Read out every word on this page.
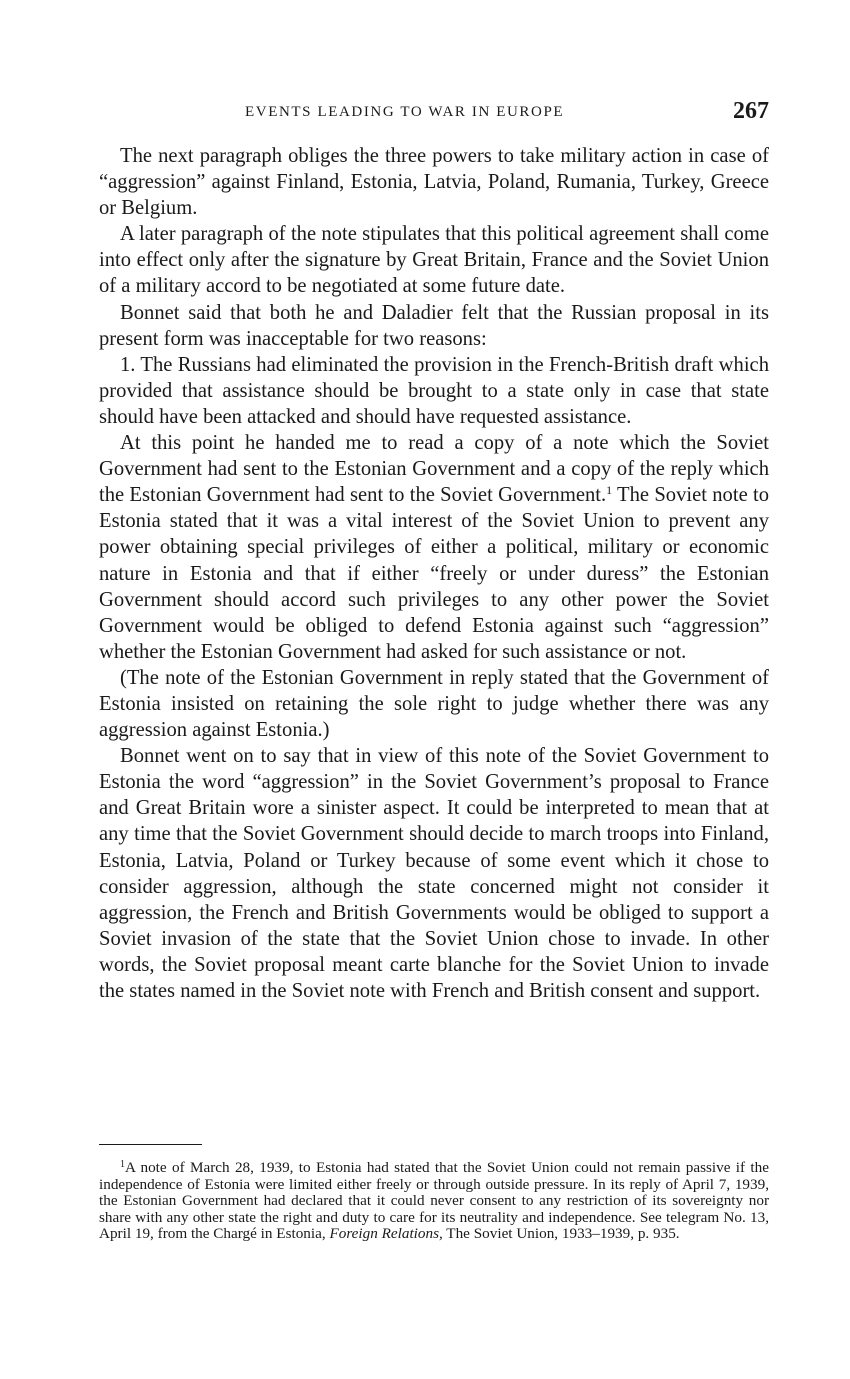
EVENTS LEADING TO WAR IN EUROPE	267

The next paragraph obliges the three powers to take military action in case of “aggression” against Finland, Estonia, Latvia, Poland, Rumania, Turkey, Greece or Belgium.

A later paragraph of the note stipulates that this political agreement shall come into effect only after the signature by Great Britain, France and the Soviet Union of a military accord to be negotiated at some future date.

Bonnet said that both he and Daladier felt that the Russian proposal in its present form was inacceptable for two reasons:

1. The Russians had eliminated the provision in the French-British draft which provided that assistance should be brought to a state only in case that state should have been attacked and should have requested assistance.

At this point he handed me to read a copy of a note which the Soviet Government had sent to the Estonian Government and a copy of the reply which the Estonian Government had sent to the Soviet Government.$^1$ The Soviet note to Estonia stated that it was a vital interest of the Soviet Union to prevent any power obtaining special privileges of either a political, military or economic nature in Estonia and that if either “freely or under duress” the Estonian Government should accord such privileges to any other power the Soviet Government would be obliged to defend Estonia against such “aggression” whether the Estonian Government had asked for such assistance or not.

(The note of the Estonian Government in reply stated that the Government of Estonia insisted on retaining the sole right to judge whether there was any aggression against Estonia.)

Bonnet went on to say that in view of this note of the Soviet Government to Estonia the word “aggression” in the Soviet Government’s proposal to France and Great Britain wore a sinister aspect. It could be interpreted to mean that at any time that the Soviet Government should decide to march troops into Finland, Estonia, Latvia, Poland or Turkey because of some event which it chose to consider aggression, although the state concerned might not consider it aggression, the French and British Governments would be obliged to support a Soviet invasion of the state that the Soviet Union chose to invade. In other words, the Soviet proposal meant carte blanche for the Soviet Union to invade the states named in the Soviet note with French and British consent and support.

$^1$A note of March 28, 1939, to Estonia had stated that the Soviet Union could not remain passive if the independence of Estonia were limited either freely or through outside pressure. In its reply of April 7, 1939, the Estonian Government had declared that it could never consent to any restriction of its sovereignty nor share with any other state the right and duty to care for its neutrality and independence. See telegram No. 13, April 19, from the Chargé in Estonia, Foreign Relations, The Soviet Union, 1933–1939, p. 935.
